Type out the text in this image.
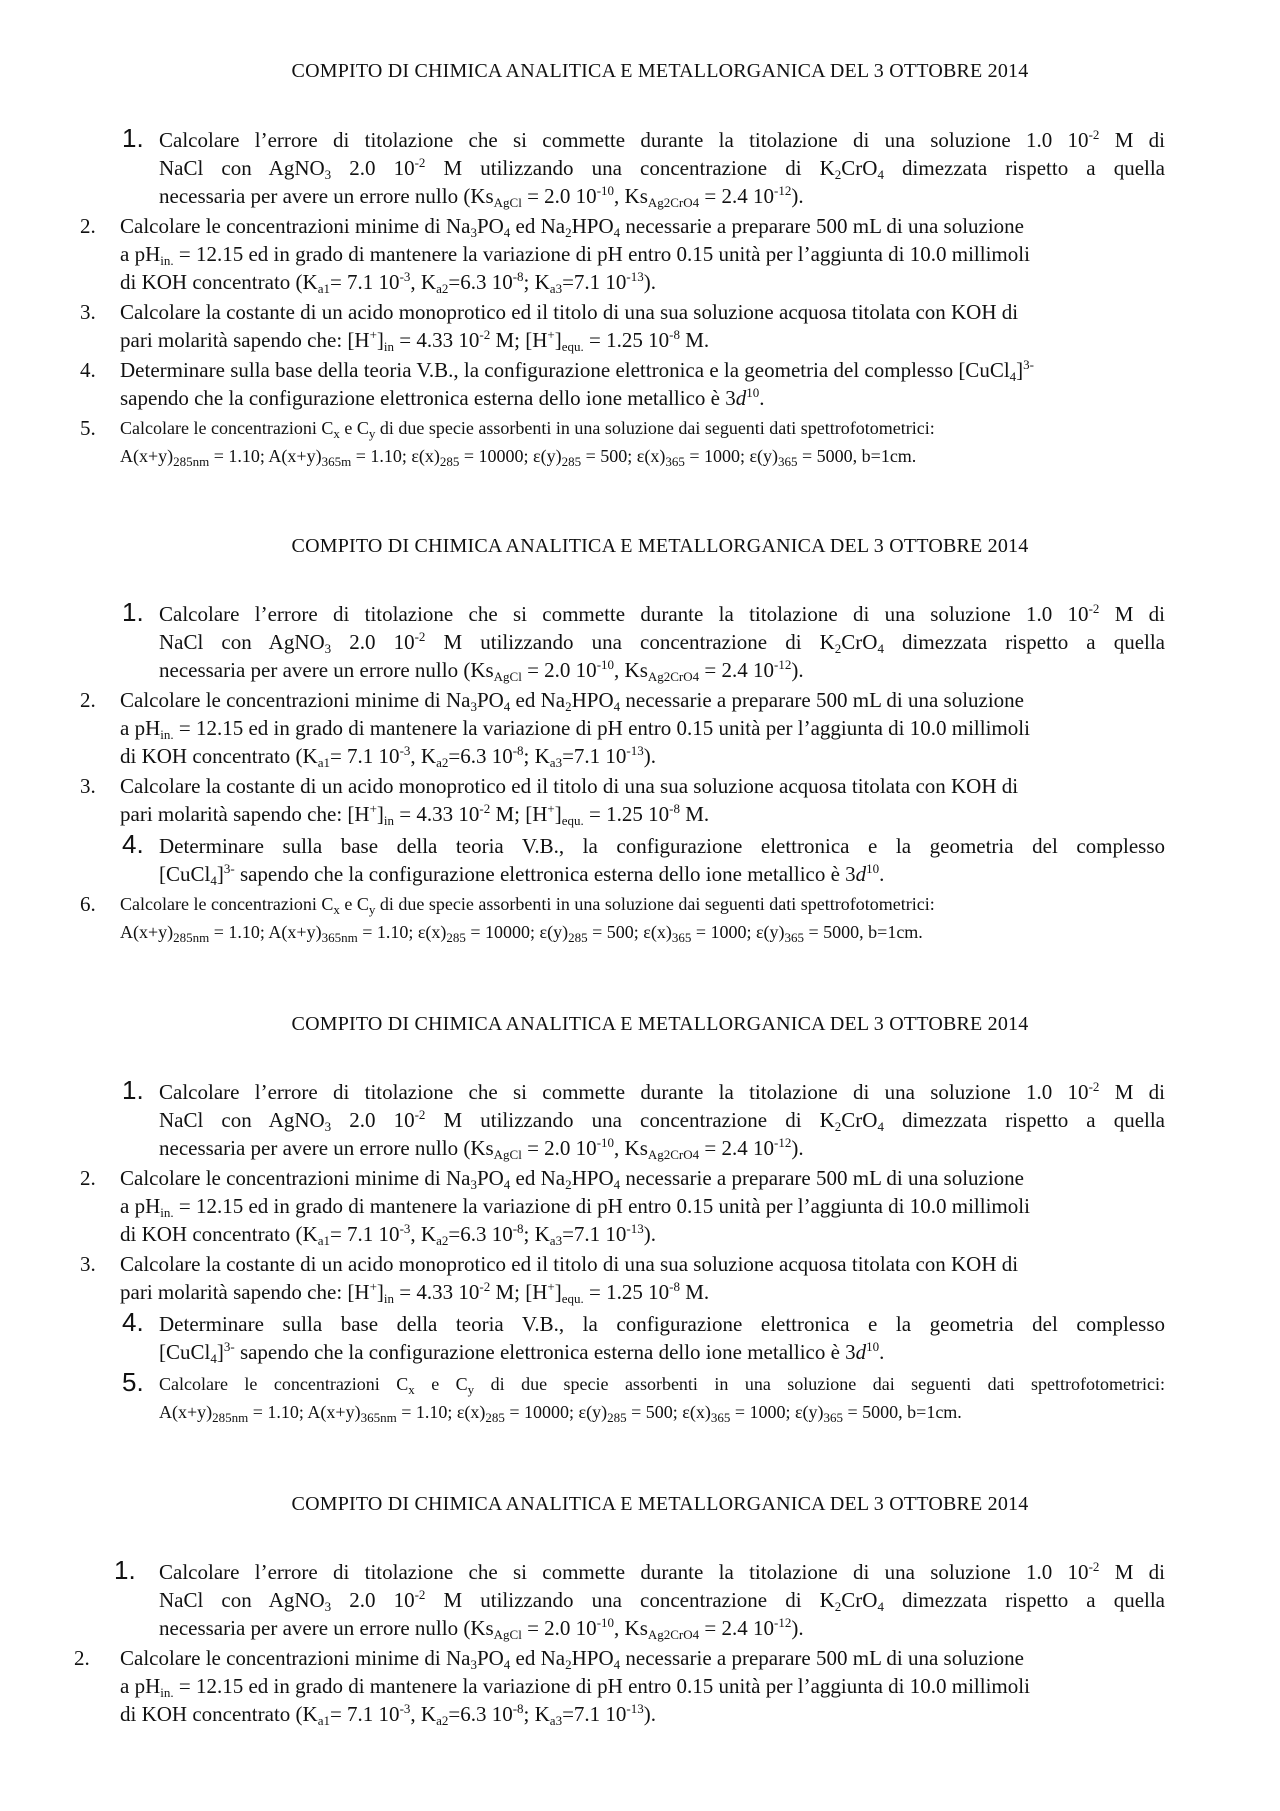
COMPITO DI CHIMICA ANALITICA E METALLORGANICA DEL 3 OTTOBRE 2014
1. Calcolare l’errore di titolazione che si commette durante la titolazione di una soluzione 1.0 $10^{-2}$ M di
NaCl con AgNO$_3$ 2.0 $10^{-2}$ M utilizzando una concentrazione di $K_2CrO_4$ dimezzata rispetto a quella
necessaria per avere un errore nullo ($Ks_{AgCl} = 2.0$ $10^{-10}$, $Ks_{Ag2CrO4} = 2.4$ $10^{-12}$).
2. Calcolare le concentrazioni minime di $Na_3PO_4$ ed $Na_2HPO_4$ necessarie a preparare 500 mL di una soluzione
a $pH_{in.} = 12.15$ ed in grado di mantenere la variazione di pH entro 0.15 unità per l’aggiunta di 10.0 millimoli
di KOH concentrato ($K_{a1}= 7.1$ $10^{-3}$, $K_{a2}=6.3$ $10^{-8}$; $K_{a3}=7.1$ $10^{-13}$).
3. Calcolare la costante di un acido monoprotico ed il titolo di una sua soluzione acquosa titolata con KOH di
pari molarità sapendo che: $[H^+]_{in} = 4.33$ $10^{-2}$ M; $[H^+]_{equ.} = 1.25$ $10^{-8}$ M.
4. Determinare sulla base della teoria V.B., la configurazione elettronica e la geometria del complesso [CuCl$_4$]$^{3-}$
sapendo che la configurazione elettronica esterna dello ione metallico è $3d^{10}$.
5. Calcolare le concentrazioni $C_x$ e $C_y$ di due specie assorbenti in una soluzione dai seguenti dati spettrofotometrici:
$A(x+y)_{285nm} = 1.10$; $A(x+y)_{365m} = 1.10$; $\varepsilon(x)_{285} = 10000$; $\varepsilon(y)_{285} = 500$; $\varepsilon(x)_{365} = 1000$; $\varepsilon(y)_{365} = 5000$, b=1cm.
COMPITO DI CHIMICA ANALITICA E METALLORGANICA DEL 3 OTTOBRE 2014
1. Calcolare l’errore di titolazione che si commette durante la titolazione di una soluzione 1.0 $10^{-2}$ M di
NaCl con AgNO$_3$ 2.0 $10^{-2}$ M utilizzando una concentrazione di $K_2CrO_4$ dimezzata rispetto a quella
necessaria per avere un errore nullo ($Ks_{AgCl} = 2.0$ $10^{-10}$, $Ks_{Ag2CrO4} = 2.4$ $10^{-12}$).
2. Calcolare le concentrazioni minime di $Na_3PO_4$ ed $Na_2HPO_4$ necessarie a preparare 500 mL di una soluzione
a $pH_{in.} = 12.15$ ed in grado di mantenere la variazione di pH entro 0.15 unità per l’aggiunta di 10.0 millimoli
di KOH concentrato ($K_{a1}= 7.1$ $10^{-3}$, $K_{a2}=6.3$ $10^{-8}$; $K_{a3}=7.1$ $10^{-13}$).
3. Calcolare la costante di un acido monoprotico ed il titolo di una sua soluzione acquosa titolata con KOH di
pari molarità sapendo che: $[H^+]_{in} = 4.33$ $10^{-2}$ M; $[H^+]_{equ.} = 1.25$ $10^{-8}$ M.
4. Determinare sulla base della teoria V.B., la configurazione elettronica e la geometria del complesso
[CuCl$_4$]$^{3-}$ sapendo che la configurazione elettronica esterna dello ione metallico è $3d^{10}$.
6. Calcolare le concentrazioni $C_x$ e $C_y$ di due specie assorbenti in una soluzione dai seguenti dati spettrofotometrici:
$A(x+y)_{285nm} = 1.10$; $A(x+y)_{365nm} = 1.10$; $\varepsilon(x)_{285} = 10000$; $\varepsilon(y)_{285} = 500$; $\varepsilon(x)_{365} = 1000$; $\varepsilon(y)_{365} = 5000$, b=1cm.
COMPITO DI CHIMICA ANALITICA E METALLORGANICA DEL 3 OTTOBRE 2014
1. Calcolare l’errore di titolazione che si commette durante la titolazione di una soluzione 1.0 $10^{-2}$ M di
NaCl con AgNO$_3$ 2.0 $10^{-2}$ M utilizzando una concentrazione di $K_2CrO_4$ dimezzata rispetto a quella
necessaria per avere un errore nullo ($Ks_{AgCl} = 2.0$ $10^{-10}$, $Ks_{Ag2CrO4} = 2.4$ $10^{-12}$).
2. Calcolare le concentrazioni minime di $Na_3PO_4$ ed $Na_2HPO_4$ necessarie a preparare 500 mL di una soluzione
a $pH_{in.} = 12.15$ ed in grado di mantenere la variazione di pH entro 0.15 unità per l’aggiunta di 10.0 millimoli
di KOH concentrato ($K_{a1}= 7.1$ $10^{-3}$, $K_{a2}=6.3$ $10^{-8}$; $K_{a3}=7.1$ $10^{-13}$).
3. Calcolare la costante di un acido monoprotico ed il titolo di una sua soluzione acquosa titolata con KOH di
pari molarità sapendo che: $[H^+]_{in} = 4.33$ $10^{-2}$ M; $[H^+]_{equ.} = 1.25$ $10^{-8}$ M.
4. Determinare sulla base della teoria V.B., la configurazione elettronica e la geometria del complesso
[CuCl$_4$]$^{3-}$ sapendo che la configurazione elettronica esterna dello ione metallico è $3d^{10}$.
5. Calcolare le concentrazioni $C_x$ e $C_y$ di due specie assorbenti in una soluzione dai seguenti dati spettrofotometrici:
$A(x+y)_{285nm} = 1.10$; $A(x+y)_{365nm} = 1.10$; $\varepsilon(x)_{285} = 10000$; $\varepsilon(y)_{285} = 500$; $\varepsilon(x)_{365} = 1000$; $\varepsilon(y)_{365} = 5000$, b=1cm.
COMPITO DI CHIMICA ANALITICA E METALLORGANICA DEL 3 OTTOBRE 2014
1. Calcolare l’errore di titolazione che si commette durante la titolazione di una soluzione 1.0 $10^{-2}$ M di
NaCl con AgNO$_3$ 2.0 $10^{-2}$ M utilizzando una concentrazione di $K_2CrO_4$ dimezzata rispetto a quella
necessaria per avere un errore nullo ($Ks_{AgCl} = 2.0$ $10^{-10}$, $Ks_{Ag2CrO4} = 2.4$ $10^{-12}$).
2. Calcolare le concentrazioni minime di $Na_3PO_4$ ed $Na_2HPO_4$ necessarie a preparare 500 mL di una soluzione
a $pH_{in.} = 12.15$ ed in grado di mantenere la variazione di pH entro 0.15 unità per l’aggiunta di 10.0 millimoli
di KOH concentrato ($K_{a1}= 7.1$ $10^{-3}$, $K_{a2}=6.3$ $10^{-8}$; $K_{a3}=7.1$ $10^{-13}$).
